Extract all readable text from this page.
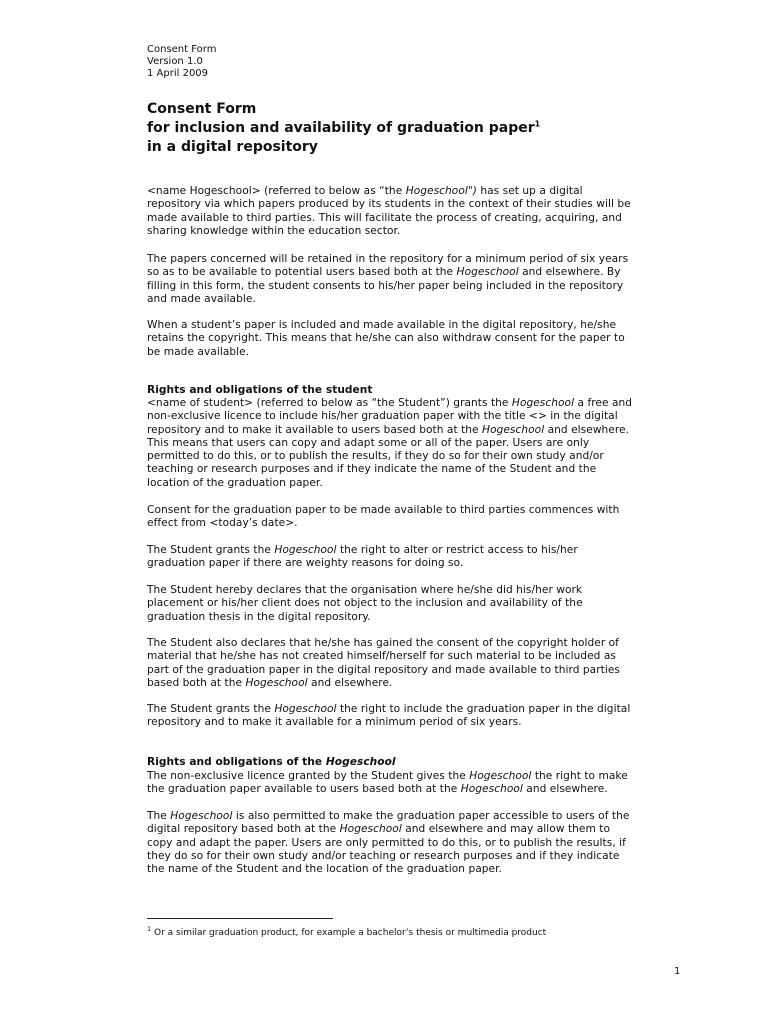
Consent Form
Version 1.0
1 April 2009
Consent Form
for inclusion and availability of graduation paper$^1$
in a digital repository
<name Hogeschool> (referred to below as “the Hogeschool") has set up a digital
repository via which papers produced by its students in the context of their studies will be
made available to third parties. This will facilitate the process of creating, acquiring, and
sharing knowledge within the education sector.
The papers concerned will be retained in the repository for a minimum period of six years
so as to be available to potential users based both at the Hogeschool and elsewhere. By
filling in this form, the student consents to his/her paper being included in the repository
and made available.
When a student’s paper is included and made available in the digital repository, he/she
retains the copyright. This means that he/she can also withdraw consent for the paper to
be made available.
Rights and obligations of the student
<name of student> (referred to below as “the Student”) grants the Hogeschool a free and
non-exclusive licence to include his/her graduation paper with the title <> in the digital
repository and to make it available to users based both at the Hogeschool and elsewhere.
This means that users can copy and adapt some or all of the paper. Users are only
permitted to do this, or to publish the results, if they do so for their own study and/or
teaching or research purposes and if they indicate the name of the Student and the
location of the graduation paper.
Consent for the graduation paper to be made available to third parties commences with
effect from <today’s date>.
The Student grants the Hogeschool the right to alter or restrict access to his/her
graduation paper if there are weighty reasons for doing so.
The Student hereby declares that the organisation where he/she did his/her work
placement or his/her client does not object to the inclusion and availability of the
graduation thesis in the digital repository.
The Student also declares that he/she has gained the consent of the copyright holder of
material that he/she has not created himself/herself for such material to be included as
part of the graduation paper in the digital repository and made available to third parties
based both at the Hogeschool and elsewhere.
The Student grants the Hogeschool the right to include the graduation paper in the digital
repository and to make it available for a minimum period of six years.
Rights and obligations of the Hogeschool
The non-exclusive licence granted by the Student gives the Hogeschool the right to make
the graduation paper available to users based both at the Hogeschool and elsewhere.
The Hogeschool is also permitted to make the graduation paper accessible to users of the
digital repository based both at the Hogeschool and elsewhere and may allow them to
copy and adapt the paper. Users are only permitted to do this, or to publish the results, if
they do so for their own study and/or teaching or research purposes and if they indicate
the name of the Student and the location of the graduation paper.
$^1$ Or a similar graduation product, for example a bachelor’s thesis or multimedia product
1
